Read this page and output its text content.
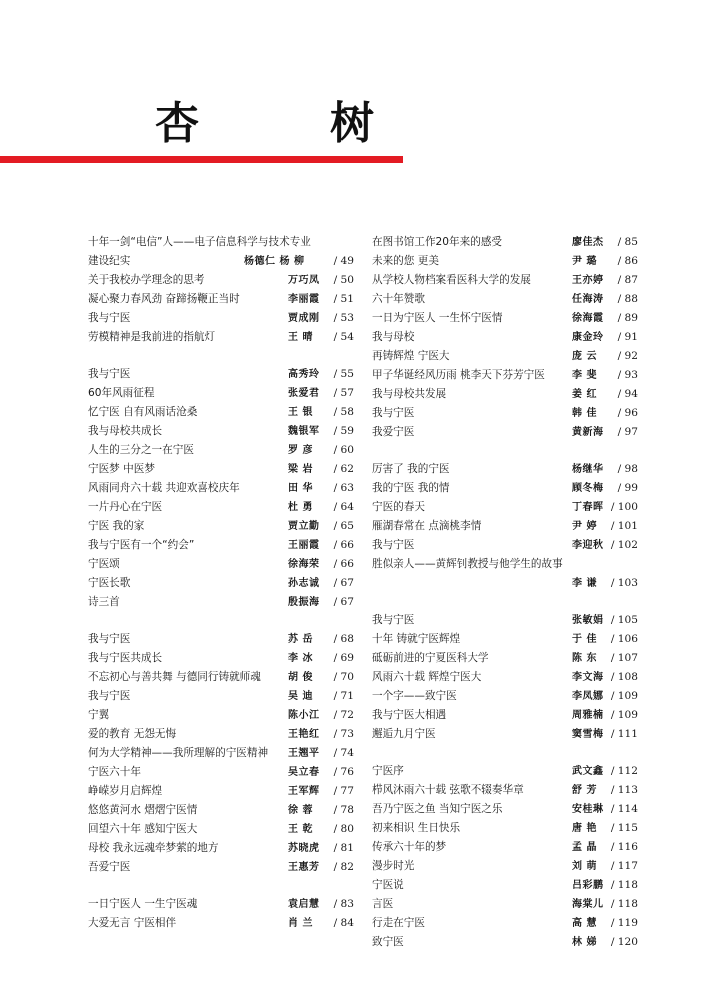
杏	树
十年一剑“电信”人——电子信息科学与技术专业
建设纪实	杨德仁 杨 柳	/ 49
关于我校办学理念的思考	万巧凤	/ 50
凝心聚力春风劲 奋蹄扬鞭正当时	李丽霞	/ 51
我与宁医	贾成刚	/ 53
劳模精神是我前进的指航灯	王 晴	/ 54
我与宁医	高秀玲	/ 55
60年风雨征程	张爱君	/ 57
忆宁医 自有风雨话沧桑	王 银	/ 58
我与母校共成长	魏银军	/ 59
人生的三分之一在宁医	罗 彦	/ 60
宁医梦 中医梦	梁 岩	/ 62
风雨同舟六十载 共迎欢喜校庆年	田 华	/ 63
一片丹心在宁医	杜 勇	/ 64
宁医 我的家	贾立勤	/ 65
我与宁医有一个“约会”	王丽霞	/ 66
宁医颂	徐海荣	/ 66
宁医长歌	孙志诚	/ 67
诗三首	殷振海	/ 67
我与宁医	苏 岳	/ 68
我与宁医共成长	李 冰	/ 69
不忘初心与善共舞 与德同行铸就师魂	胡 俊	/ 70
我与宁医	吴 迪	/ 71
宁翼	陈小江	/ 72
爱的教育 无怨无悔	王艳红	/ 73
何为大学精神——我所理解的宁医精神 王翘平	/ 74
宁医六十年	吴立春	/ 76
峥嵘岁月启辉煌	王军辉	/ 77
悠悠黄河水 熠熠宁医情	徐 蓉	/ 78
回望六十年 感知宁医大	王 乾	/ 80
母校 我永远魂牵梦萦的地方	苏晓虎	/ 81
吾爱宁医	王惠芳	/ 82
一日宁医人 一生宁医魂	袁启慧	/ 83
大爱无言 宁医相伴	肖 兰	/ 84
在图书馆工作20年来的感受	廖佳杰	/ 85
未来的您 更美	尹 璐	/ 86
从学校人物档案看医科大学的发展	王亦婷	/ 87
六十年赞歌	任海涛	/ 88
一日为宁医人 一生怀宁医情	徐海霞	/ 89
我与母校	康金玲	/ 91
再铸辉煌 宁医大	庞 云	/ 92
甲子华诞经风历雨 桃李天下芬芳宁医	李 斐	/ 93
我与母校共发展	姜 红	/ 94
我与宁医	韩 佳	/ 96
我爱宁医	黄新海	/ 97
厉害了 我的宁医	杨继华	/ 98
我的宁医 我的情	顾冬梅	/ 99
宁医的春天	丁春晖 / 100
雁湖春常在 点滴桃李情	尹 婷	/ 101
我与宁医	李迎秋 / 102
胜似亲人——黄辉钊教授与他学生的故事
李 谦	/ 103
我与宁医	张敏娟 / 105
十年 铸就宁医辉煌	于 佳	/ 106
砥砺前进的宁夏医科大学	陈 东	/ 107
风雨六十载 辉煌宁医大	李文海 / 108
一个字——致宁医	李凤娜 / 109
我与宁医大相遇	周雅楠 / 109
邂逅九月宁医	窦雪梅 / 111
宁医序	武文鑫 / 112
栉风沐雨六十载 弦歌不辍奏华章	舒 芳	/ 113
吾乃宁医之鱼 当知宁医之乐	安桂琳 / 114
初来相识 生日快乐	唐 艳	/ 115
传承六十年的梦	孟 晶	/ 116
漫步时光	刘 萌	/ 117
宁医说	吕彩鹏 / 118
言医	海棠儿 / 118
行走在宁医	高 慧	/ 119
致宁医	林 娣	/ 120
